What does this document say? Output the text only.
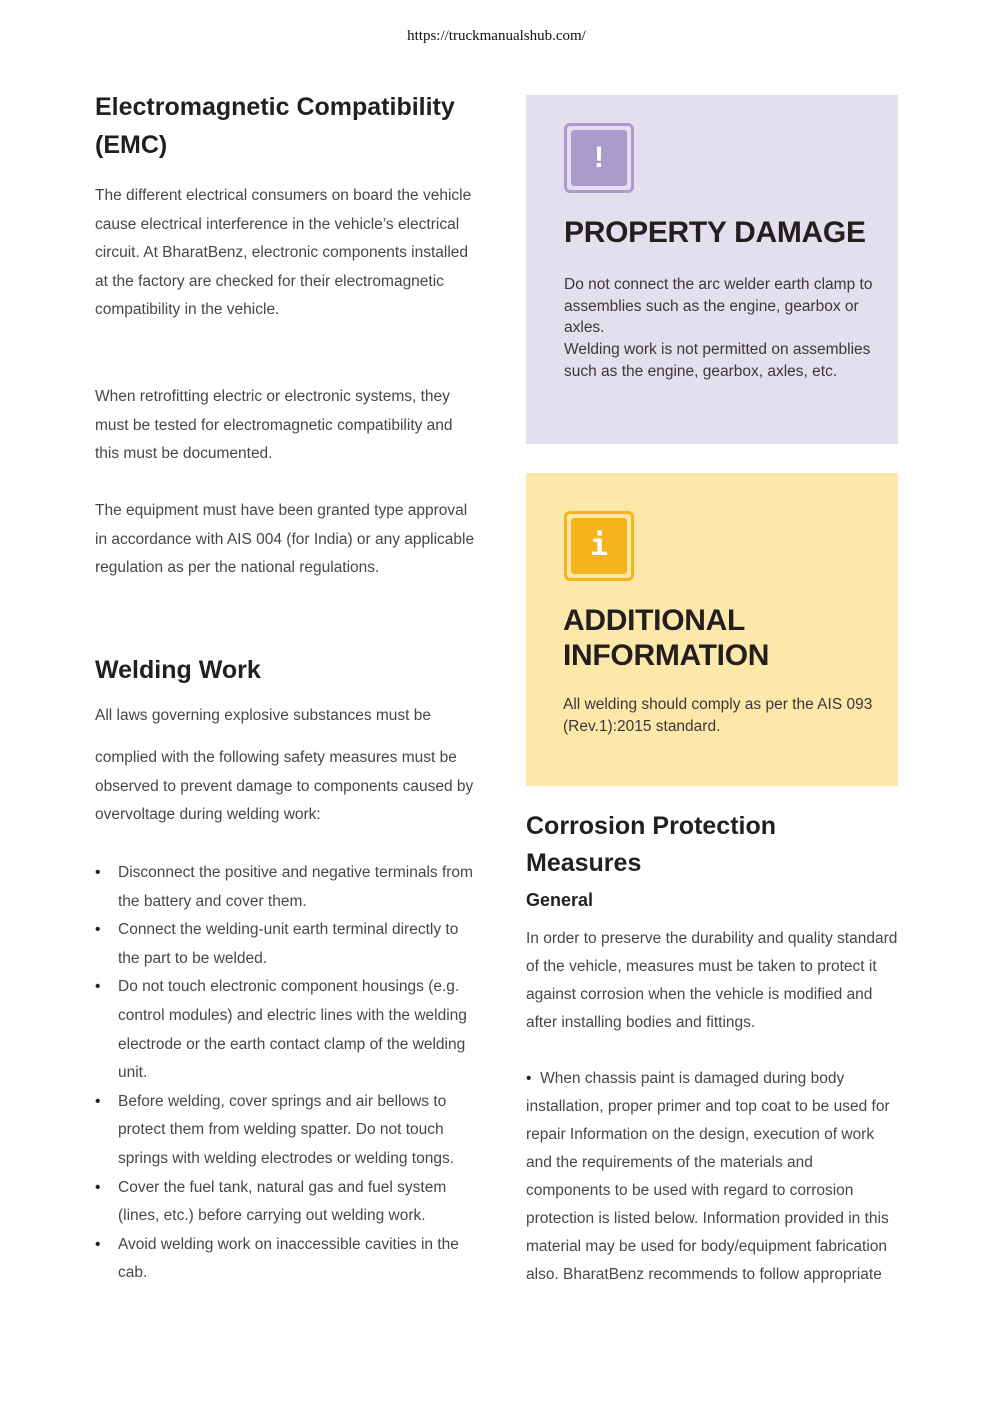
https://truckmanualshub.com/
Electromagnetic Compatibility (EMC)

The different electrical consumers on board the vehicle cause electrical interference in the vehicle’s electrical circuit. At BharatBenz, electronic components installed at the factory are checked for their electromagnetic compatibility in the vehicle.

When retrofitting electric or electronic systems, they must be tested for electromagnetic compatibility and this must be documented.

The equipment must have been granted type approval in accordance with AIS 004 (for India) or any applicable regulation as per the national regulations.

Welding Work

All laws governing explosive substances must be

complied with the following safety measures must be observed to prevent damage to components caused by overvoltage during welding work:

• Disconnect the positive and negative terminals from the battery and cover them.
• Connect the welding-unit earth terminal directly to the part to be welded.
• Do not touch electronic component housings (e.g. control modules) and electric lines with the welding electrode or the earth contact clamp of the welding unit.
• Before welding, cover springs and air bellows to protect them from welding spatter. Do not touch springs with welding electrodes or welding tongs.
• Cover the fuel tank, natural gas and fuel system (lines, etc.) before carrying out welding work.
• Avoid welding work on inaccessible cavities in the cab.
!
PROPERTY DAMAGE

Do not connect the arc welder earth clamp to assemblies such as the engine, gearbox or axles.

Welding work is not permitted on assemblies such as the engine, gearbox, axles, etc.

i
ADDITIONAL INFORMATION

All welding should comply as per the AIS 093 (Rev.1):2015 standard.

Corrosion Protection Measures
General

In order to preserve the durability and quality standard of the vehicle, measures must be taken to protect it against corrosion when the vehicle is modified and after installing bodies and fittings.

• When chassis paint is damaged during body installation, proper primer and top coat to be used for repair Information on the design, execution of work and the requirements of the materials and components to be used with regard to corrosion protection is listed below. Information provided in this material may be used for body/equipment fabrication also. BharatBenz recommends to follow appropriate
